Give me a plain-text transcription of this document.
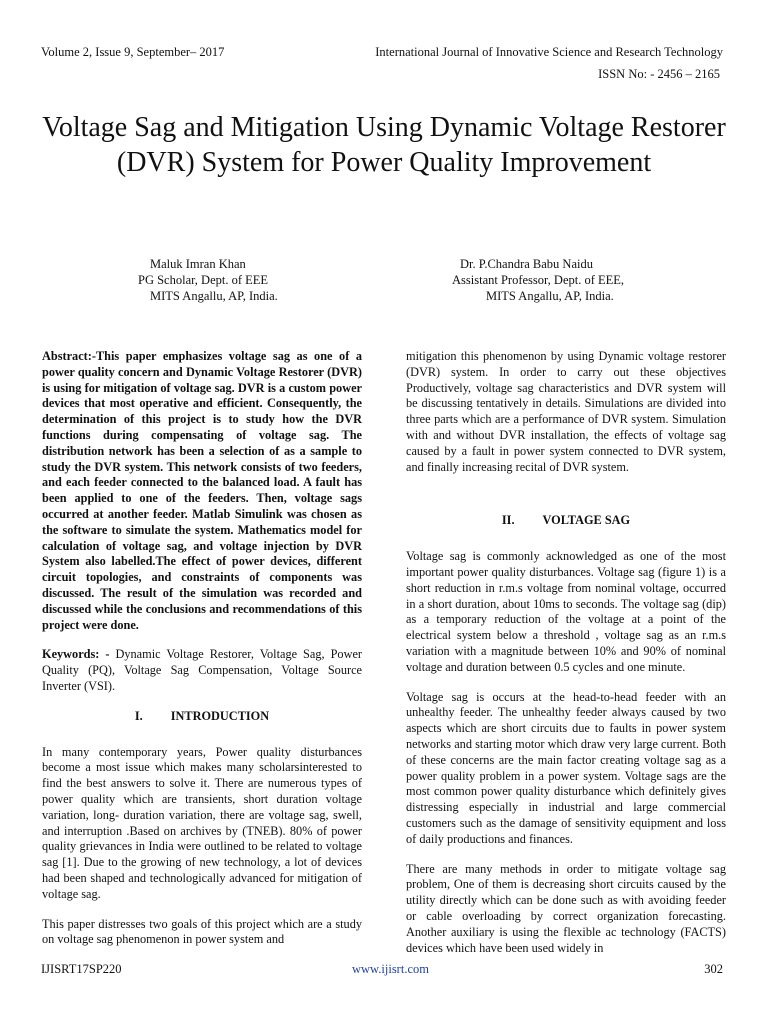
Volume 2, Issue 9, September– 2017	International Journal of Innovative Science and Research Technology
ISSN No: - 2456 – 2165
Voltage Sag and Mitigation Using Dynamic Voltage Restorer (DVR) System for Power Quality Improvement
Maluk Imran Khan
PG Scholar, Dept. of EEE
MITS Angallu, AP, India.
Dr. P.Chandra Babu Naidu
Assistant Professor, Dept. of EEE,
MITS Angallu, AP, India.

Abstract:-This paper emphasizes voltage sag as one of a power quality concern and Dynamic Voltage Restorer (DVR) is using for mitigation of voltage sag. DVR is a custom power devices that most operative and efficient. Consequently, the determination of this project is to study how the DVR functions during compensating of voltage sag. The distribution network has been a selection of as a sample to study the DVR system. This network consists of two feeders, and each feeder connected to the balanced load. A fault has been applied to one of the feeders. Then, voltage sags occurred at another feeder. Matlab Simulink was chosen as the software to simulate the system. Mathematics model for calculation of voltage sag, and voltage injection by DVR System also labelled.The effect of power devices, different circuit topologies, and constraints of components was discussed. The result of the simulation was recorded and discussed while the conclusions and recommendations of this project were done.

Keywords: - Dynamic Voltage Restorer, Voltage Sag, Power Quality (PQ), Voltage Sag Compensation, Voltage Source Inverter (VSI).

I. INTRODUCTION

In many contemporary years, Power quality disturbances become a most issue which makes many scholarsinterested to find the best answers to solve it. There are numerous types of power quality which are transients, short duration voltage variation, long- duration variation, there are voltage sag, swell, and interruption .Based on archives by (TNEB). 80% of power quality grievances in India were outlined to be related to voltage sag [1]. Due to the growing of new technology, a lot of devices had been shaped and technologically advanced for mitigation of voltage sag.

This paper distresses two goals of this project which are a study on voltage sag phenomenon in power system and

mitigation this phenomenon by using Dynamic voltage restorer (DVR) system. In order to carry out these objectives Productively, voltage sag characteristics and DVR system will be discussing tentatively in details. Simulations are divided into three parts which are a performance of DVR system. Simulation with and without DVR installation, the effects of voltage sag caused by a fault in power system connected to DVR system, and finally increasing recital of DVR system.

II. VOLTAGE SAG

Voltage sag is commonly acknowledged as one of the most important power quality disturbances. Voltage sag (figure 1) is a short reduction in r.m.s voltage from nominal voltage, occurred in a short duration, about 10ms to seconds. The voltage sag (dip) as a temporary reduction of the voltage at a point of the electrical system below a threshold , voltage sag as an r.m.s variation with a magnitude between 10% and 90% of nominal voltage and duration between 0.5 cycles and one minute.

Voltage sag is occurs at the head-to-head feeder with an unhealthy feeder. The unhealthy feeder always caused by two aspects which are short circuits due to faults in power system networks and starting motor which draw very large current. Both of these concerns are the main factor creating voltage sag as a power quality problem in a power system. Voltage sags are the most common power quality disturbance which definitely gives distressing especially in industrial and large commercial customers such as the damage of sensitivity equipment and loss of daily productions and finances.

There are many methods in order to mitigate voltage sag problem, One of them is decreasing short circuits caused by the utility directly which can be done such as with avoiding feeder or cable overloading by correct organization forecasting. Another auxiliary is using the flexible ac technology (FACTS) devices which have been used widely in

IJISRT17SP220	www.ijisrt.com	302
